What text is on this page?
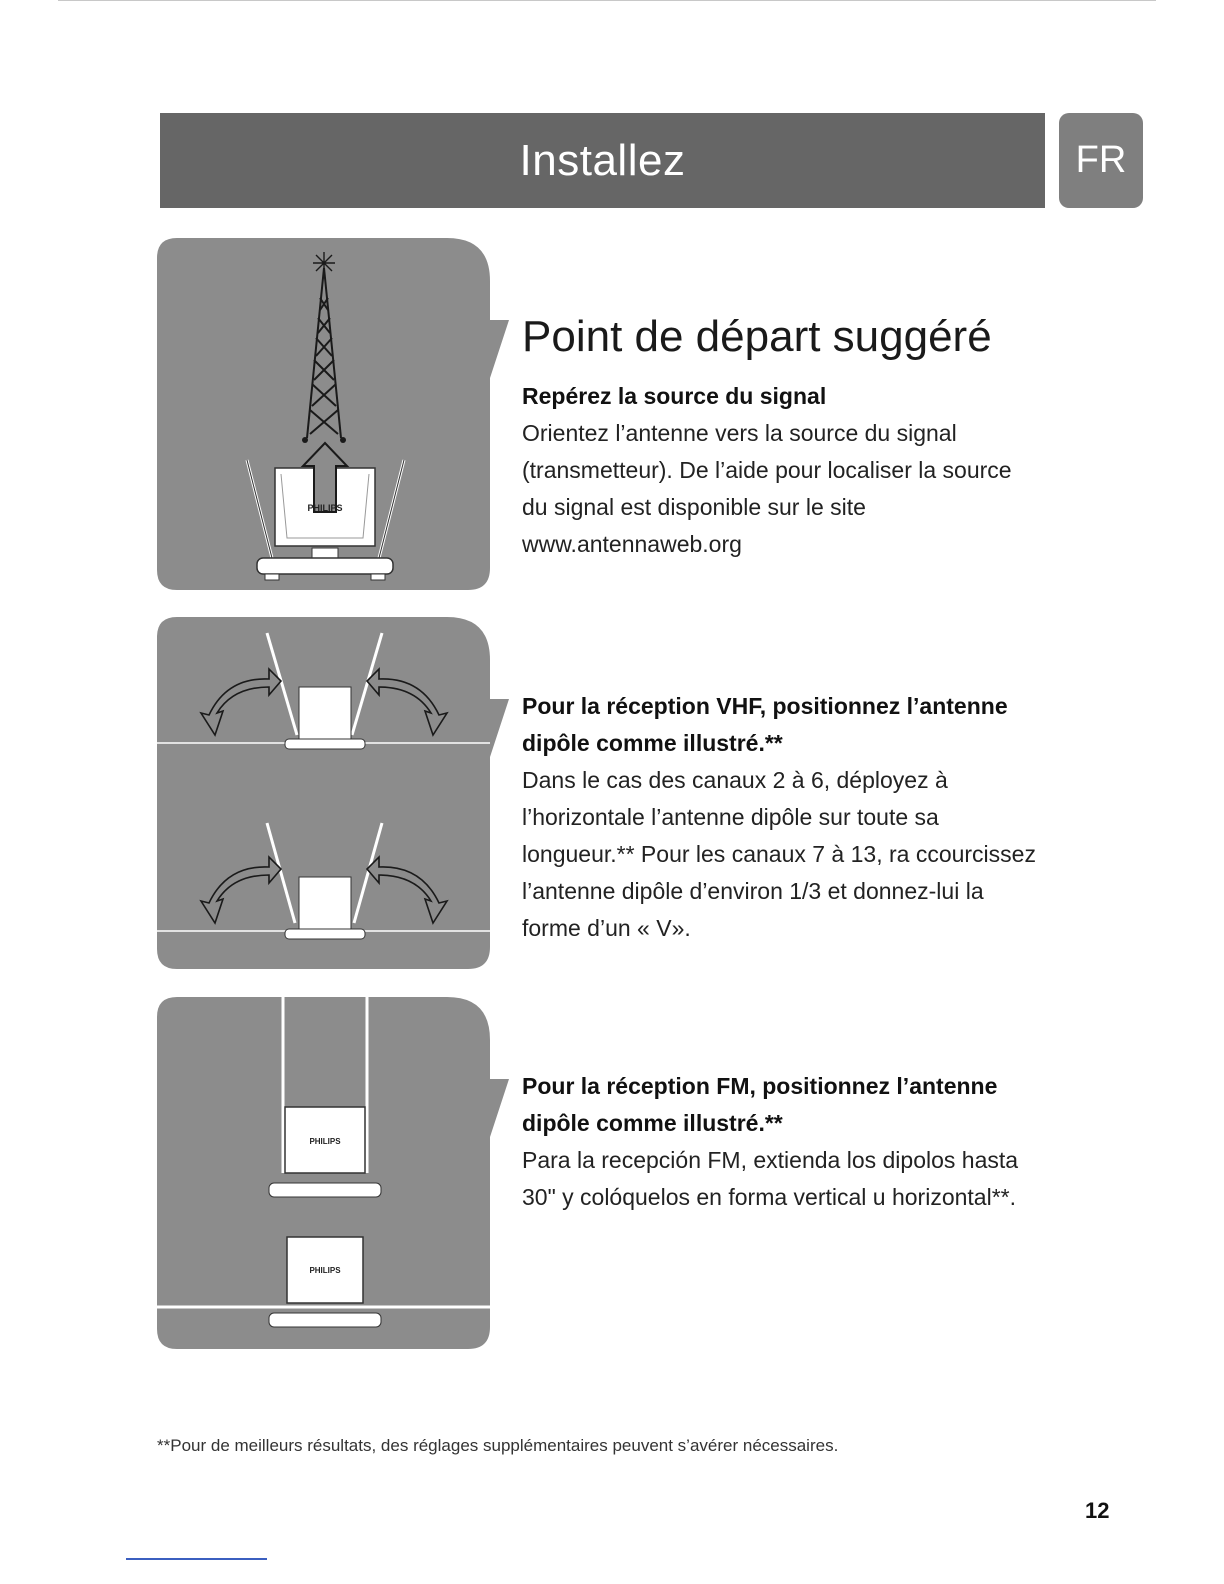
Installez	FR
PHILIPS
PHILIPS
PHILIPS
Point de départ suggéré
Repérez la source du signal

Orientez l’antenne vers la source du signal (transmetteur). De l’aide pour localiser la source du signal est disponible sur le site www.antennaweb.org

Pour la réception VHF, positionnez l’antenne dipôle comme illustré.**

Dans le cas des canaux 2 à 6, déployez à l’horizontale l’antenne dipôle sur toute sa longueur.** Pour les canaux 7 à 13, ra ccourcissez l’antenne dipôle d’environ 1/3 et donnez-lui la forme d’un « V».

Pour la réception FM, positionnez l’antenne dipôle comme illustré.**

Para la recepción FM, extienda los dipolos hasta 30" y colóquelos en forma vertical u horizontal**.

**Pour de meilleurs résultats, des réglages supplémentaires peuvent s’avérer nécessaires.
12
